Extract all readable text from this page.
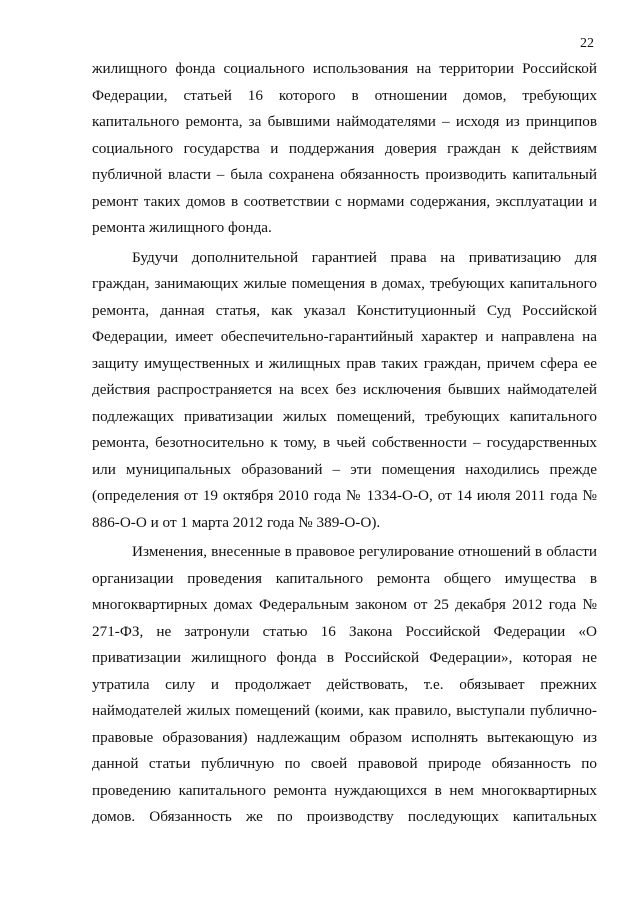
22

жилищного фонда социального использования на территории Российской Федерации, статьей 16 которого в отношении домов, требующих капитального ремонта, за бывшими наймодателями – исходя из принципов социального государства и поддержания доверия граждан к действиям публичной власти – была сохранена обязанность производить капитальный ремонт таких домов в соответствии с нормами содержания, эксплуатации и ремонта жилищного фонда.

Будучи дополнительной гарантией права на приватизацию для граждан, занимающих жилые помещения в домах, требующих капитального ремонта, данная статья, как указал Конституционный Суд Российской Федерации, имеет обеспечительно-гарантийный характер и направлена на защиту имущественных и жилищных прав таких граждан, причем сфера ее действия распространяется на всех без исключения бывших наймодателей подлежащих приватизации жилых помещений, требующих капитального ремонта, безотносительно к тому, в чьей собственности – государственных или муниципальных образований – эти помещения находились прежде (определения от 19 октября 2010 года № 1334-О-О, от 14 июля 2011 года № 886-О-О и от 1 марта 2012 года № 389-О-О).

Изменения, внесенные в правовое регулирование отношений в области организации проведения капитального ремонта общего имущества в многоквартирных домах Федеральным законом от 25 декабря 2012 года № 271-ФЗ, не затронули статью 16 Закона Российской Федерации «О приватизации жилищного фонда в Российской Федерации», которая не утратила силу и продолжает действовать, т.е. обязывает прежних наймодателей жилых помещений (коими, как правило, выступали публично-правовые образования) надлежащим образом исполнять вытекающую из данной статьи публичную по своей правовой природе обязанность по проведению капитального ремонта нуждающихся в нем многоквартирных домов. Обязанность же по производству последующих капитальных
